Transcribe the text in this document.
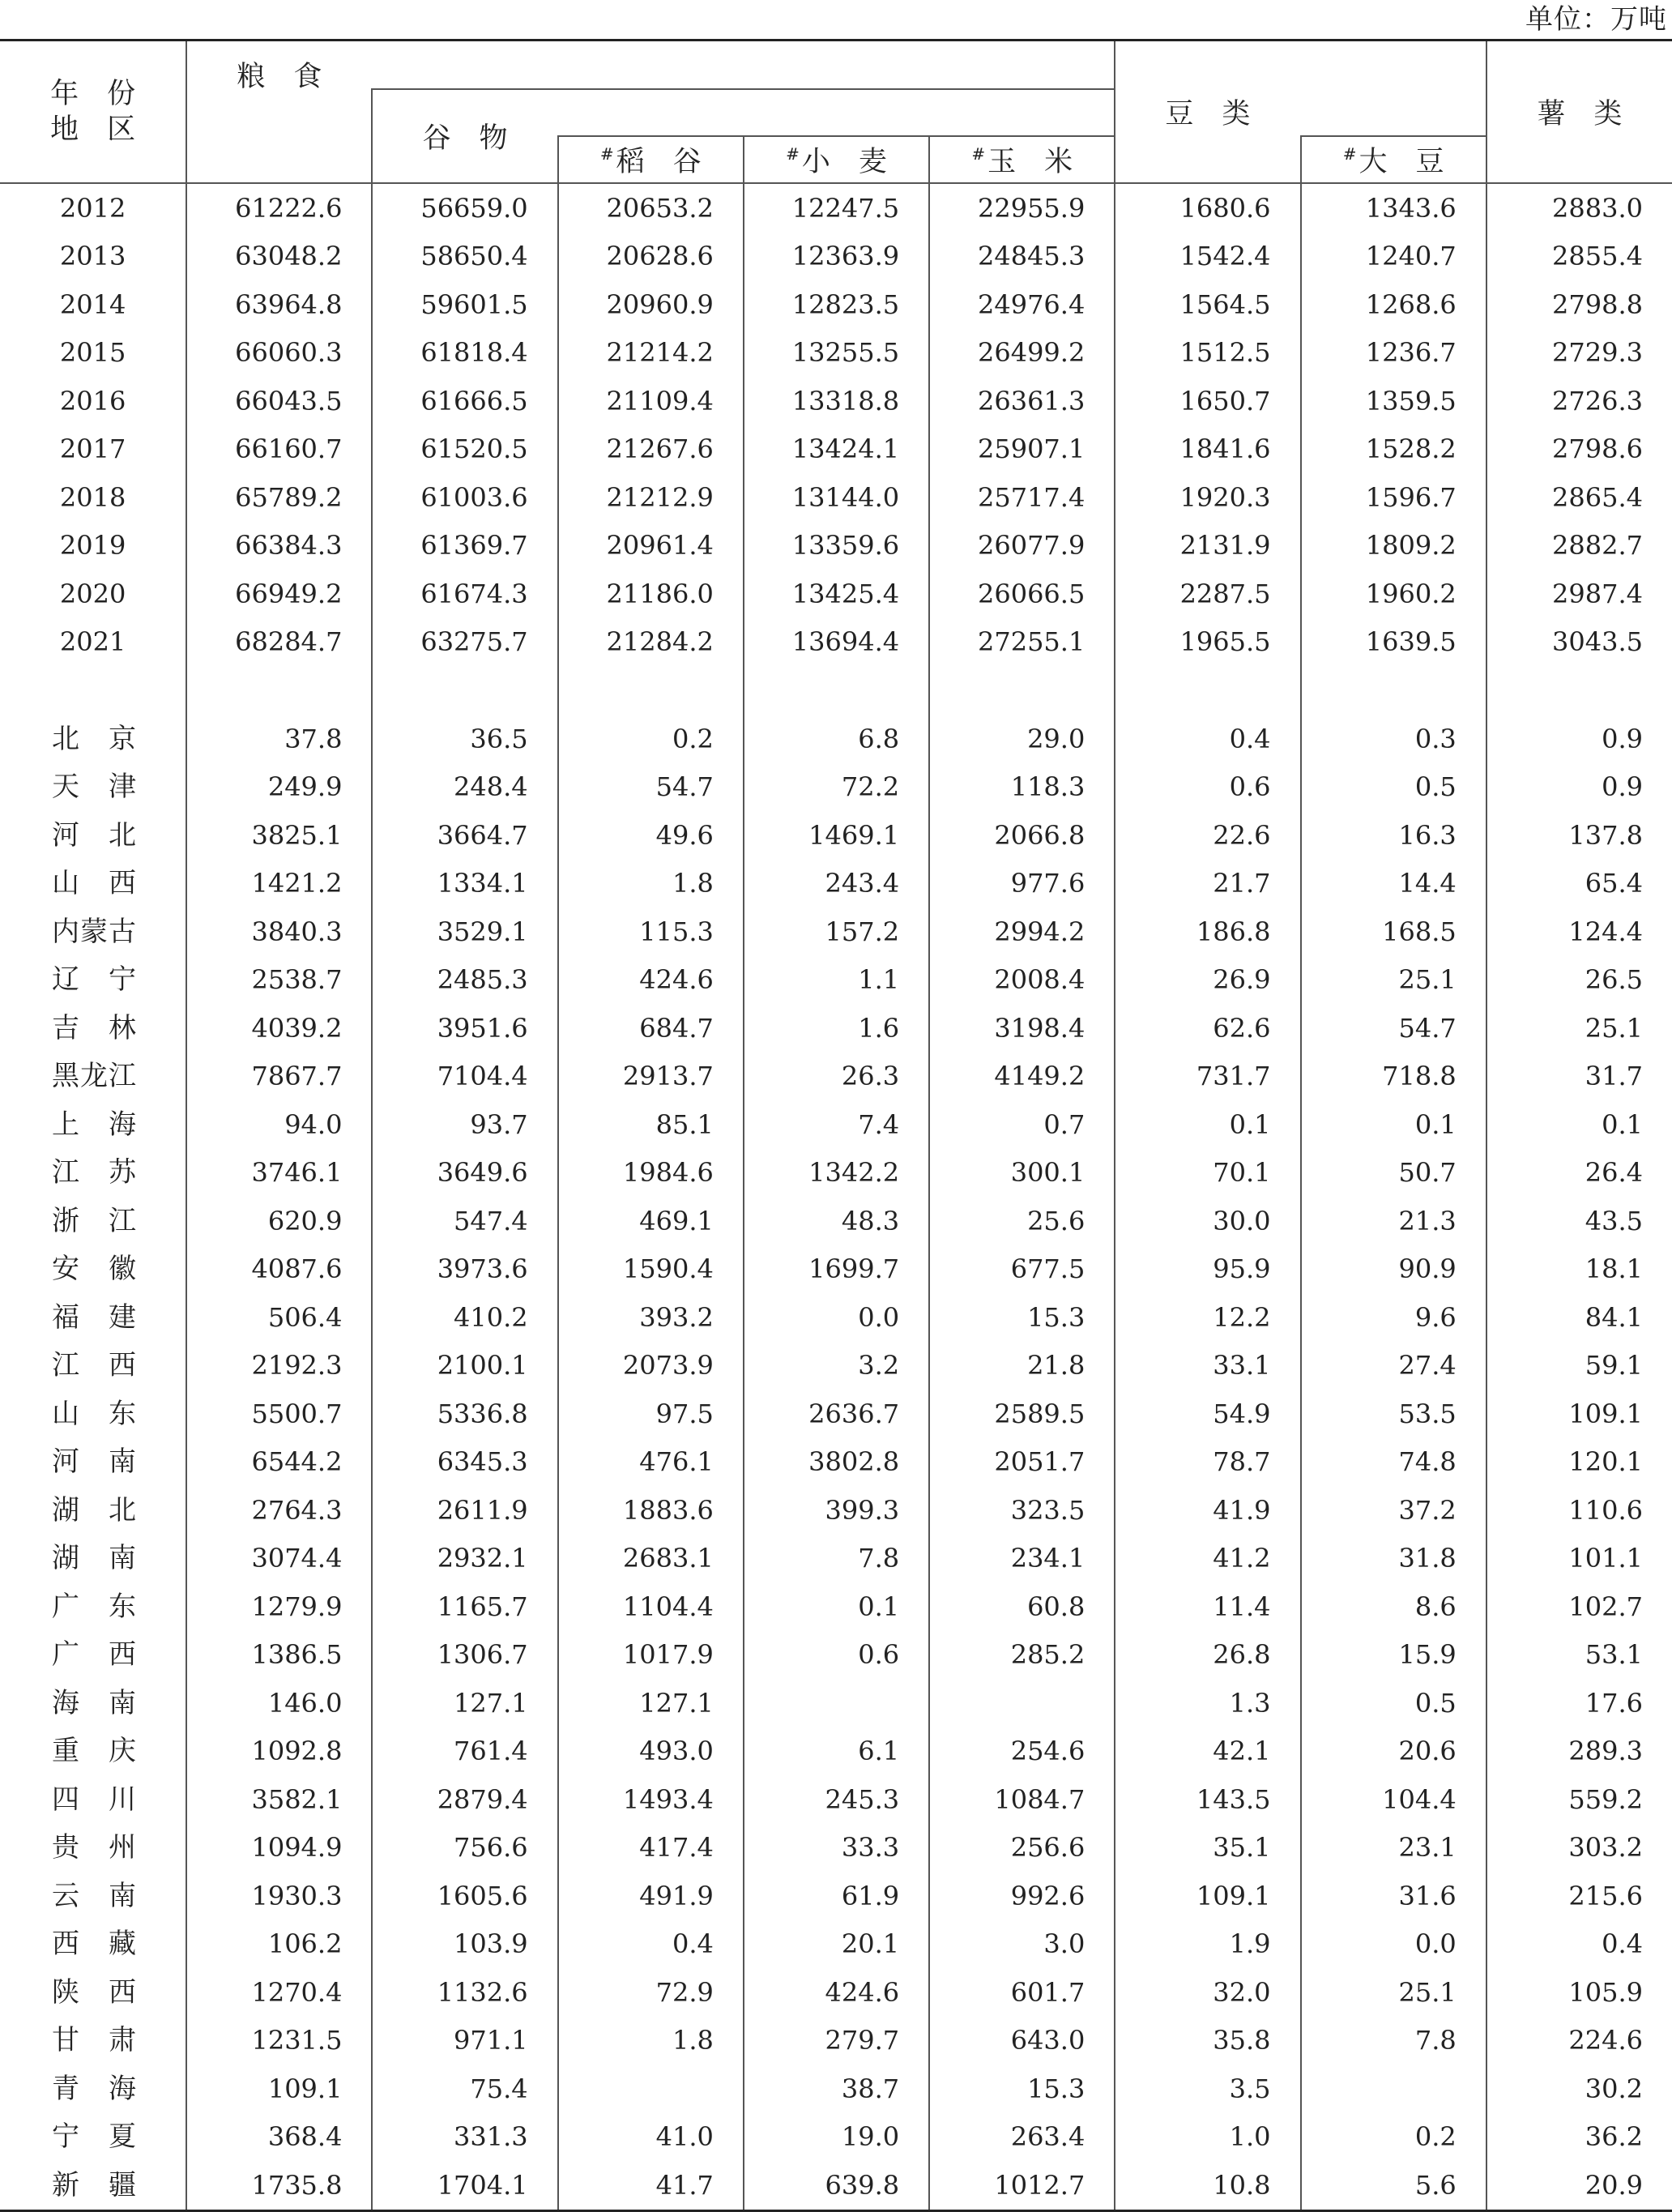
单位：万吨
年　份
地　区	粮　食					豆　类		薯　类
		谷　物						
			#稻　谷	#小　麦	#玉　米		#大　豆	
2012	61222.6	56659.0	20653.2	12247.5	22955.9	1680.6	1343.6	2883.0
2013	63048.2	58650.4	20628.6	12363.9	24845.3	1542.4	1240.7	2855.4
2014	63964.8	59601.5	20960.9	12823.5	24976.4	1564.5	1268.6	2798.8
2015	66060.3	61818.4	21214.2	13255.5	26499.2	1512.5	1236.7	2729.3
2016	66043.5	61666.5	21109.4	13318.8	26361.3	1650.7	1359.5	2726.3
2017	66160.7	61520.5	21267.6	13424.1	25907.1	1841.6	1528.2	2798.6
2018	65789.2	61003.6	21212.9	13144.0	25717.4	1920.3	1596.7	2865.4
2019	66384.3	61369.7	20961.4	13359.6	26077.9	2131.9	1809.2	2882.7
2020	66949.2	61674.3	21186.0	13425.4	26066.5	2287.5	1960.2	2987.4
2021	68284.7	63275.7	21284.2	13694.4	27255.1	1965.5	1639.5	3043.5

北京	37.8	36.5	0.2	6.8	29.0	0.4	0.3	0.9
天津	249.9	248.4	54.7	72.2	118.3	0.6	0.5	0.9
河北	3825.1	3664.7	49.6	1469.1	2066.8	22.6	16.3	137.8
山西	1421.2	1334.1	1.8	243.4	977.6	21.7	14.4	65.4
内蒙古	3840.3	3529.1	115.3	157.2	2994.2	186.8	168.5	124.4
辽宁	2538.7	2485.3	424.6	1.1	2008.4	26.9	25.1	26.5
吉林	4039.2	3951.6	684.7	1.6	3198.4	62.6	54.7	25.1
黑龙江	7867.7	7104.4	2913.7	26.3	4149.2	731.7	718.8	31.7
上海	94.0	93.7	85.1	7.4	0.7	0.1	0.1	0.1
江苏	3746.1	3649.6	1984.6	1342.2	300.1	70.1	50.7	26.4
浙江	620.9	547.4	469.1	48.3	25.6	30.0	21.3	43.5
安徽	4087.6	3973.6	1590.4	1699.7	677.5	95.9	90.9	18.1
福建	506.4	410.2	393.2	0.0	15.3	12.2	9.6	84.1
江西	2192.3	2100.1	2073.9	3.2	21.8	33.1	27.4	59.1
山东	5500.7	5336.8	97.5	2636.7	2589.5	54.9	53.5	109.1
河南	6544.2	6345.3	476.1	3802.8	2051.7	78.7	74.8	120.1
湖北	2764.3	2611.9	1883.6	399.3	323.5	41.9	37.2	110.6
湖南	3074.4	2932.1	2683.1	7.8	234.1	41.2	31.8	101.1
广东	1279.9	1165.7	1104.4	0.1	60.8	11.4	8.6	102.7
广西	1386.5	1306.7	1017.9	0.6	285.2	26.8	15.9	53.1
海南	146.0	127.1	127.1			1.3	0.5	17.6
重庆	1092.8	761.4	493.0	6.1	254.6	42.1	20.6	289.3
四川	3582.1	2879.4	1493.4	245.3	1084.7	143.5	104.4	559.2
贵州	1094.9	756.6	417.4	33.3	256.6	35.1	23.1	303.2
云南	1930.3	1605.6	491.9	61.9	992.6	109.1	31.6	215.6
西藏	106.2	103.9	0.4	20.1	3.0	1.9	0.0	0.4
陕西	1270.4	1132.6	72.9	424.6	601.7	32.0	25.1	105.9
甘肃	1231.5	971.1	1.8	279.7	643.0	35.8	7.8	224.6
青海	109.1	75.4		38.7	15.3	3.5		30.2
宁夏	368.4	331.3	41.0	19.0	263.4	1.0	0.2	36.2
新疆	1735.8	1704.1	41.7	639.8	1012.7	10.8	5.6	20.9
